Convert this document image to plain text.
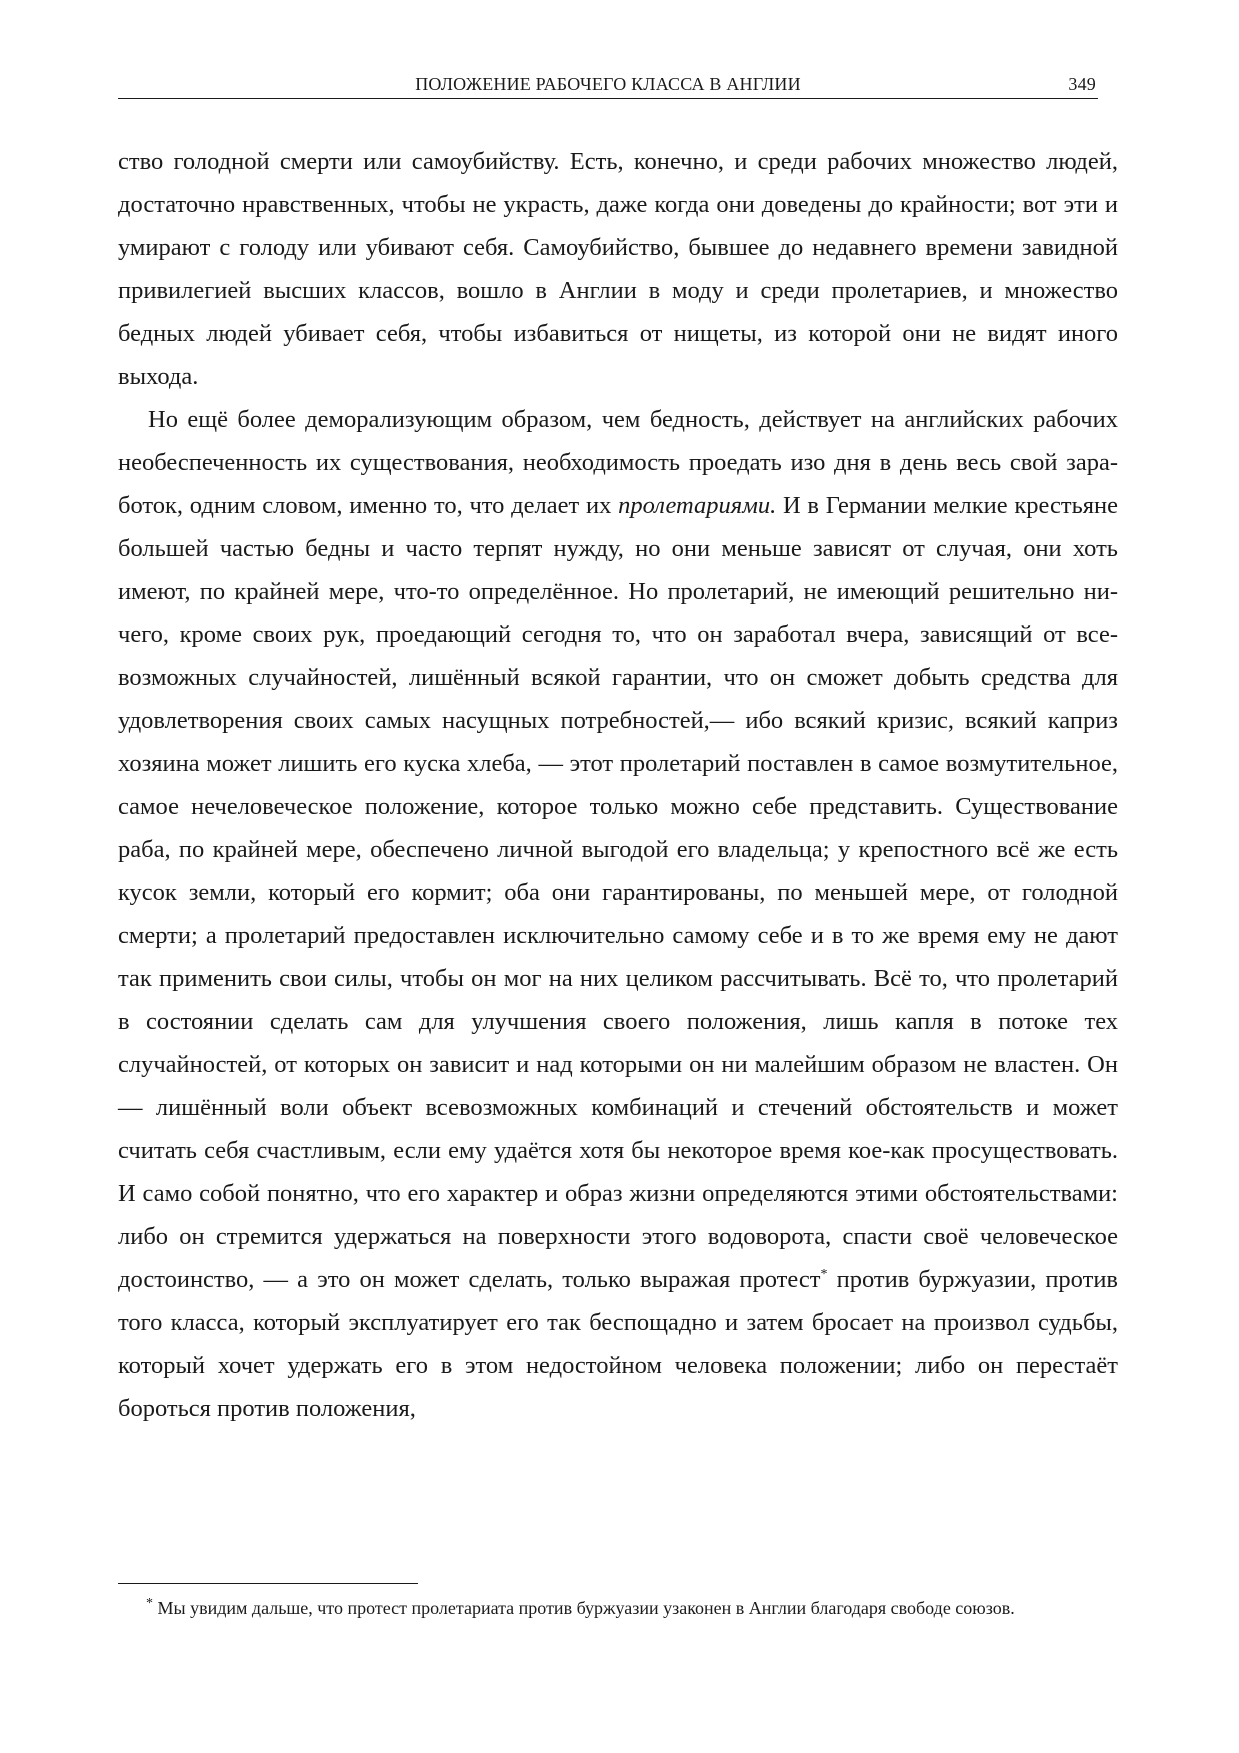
ПОЛОЖЕНИЕ РАБОЧЕГО КЛАССА В АНГЛИИ	349

ство голодной смерти или самоубийству. Есть, конечно, и среди рабочих множество людей, достаточно нравственных, чтобы не украсть, даже когда они доведены до крайности; вот эти и умирают с голоду или убивают себя. Самоубийство, бывшее до недавнего времени завидной привилегией высших классов, вошло в Англии в моду и среди пролетариев, и множество бедных людей убивает себя, чтобы избавиться от нищеты, из которой они не видят иного выхода.

Но ещё более деморализующим образом, чем бедность, действует на английских рабочих необеспеченность их существования, необходимость проедать изо дня в день весь свой заработок, одним словом, именно то, что делает их пролетариями. И в Германии мелкие крестьяне большей частью бедны и часто терпят нужду, но они меньше зависят от случая, они хоть имеют, по крайней мере, что-то определённое. Но пролетарий, не имеющий решительно ничего, кроме своих рук, проедающий сегодня то, что он заработал вчера, зависящий от всевозможных случайностей, лишённый всякой гарантии, что он сможет добыть средства для удовлетворения своих самых насущных потребностей,— ибо всякий кризис, всякий каприз хозяина может лишить его куска хлеба, — этот пролетарий поставлен в самое возмутительное, самое нечеловеческое положение, которое только можно себе представить. Существование раба, по крайней мере, обеспечено личной выгодой его владельца; у крепостного всё же есть кусок земли, который его кормит; оба они гарантированы, по меньшей мере, от голодной смерти; а пролетарий предоставлен исключительно самому себе и в то же время ему не дают так применить свои силы, чтобы он мог на них целиком рассчитывать. Всё то, что пролетарий в состоянии сделать сам для улучшения своего положения, лишь капля в потоке тех случайностей, от которых он зависит и над которыми он ни малейшим образом не властен. Он — лишённый воли объект всевозможных комбинаций и стечений обстоятельств и может считать себя счастливым, если ему удаётся хотя бы некоторое время кое-как просуществовать. И само собой понятно, что его характер и образ жизни определяются этими обстоятельствами: либо он стремится удержаться на поверхности этого водоворота, спасти своё человеческое достоинство, — а это он может сделать, только выражая протест* против буржуазии, против того класса, который эксплуатирует его так беспощадно и затем бросает на произвол судьбы, который хочет удержать его в этом недостойном человека положении; либо он перестаёт бороться против положения,

* Мы увидим дальше, что протест пролетариата против буржуазии узаконен в Англии благодаря свободе союзов.
